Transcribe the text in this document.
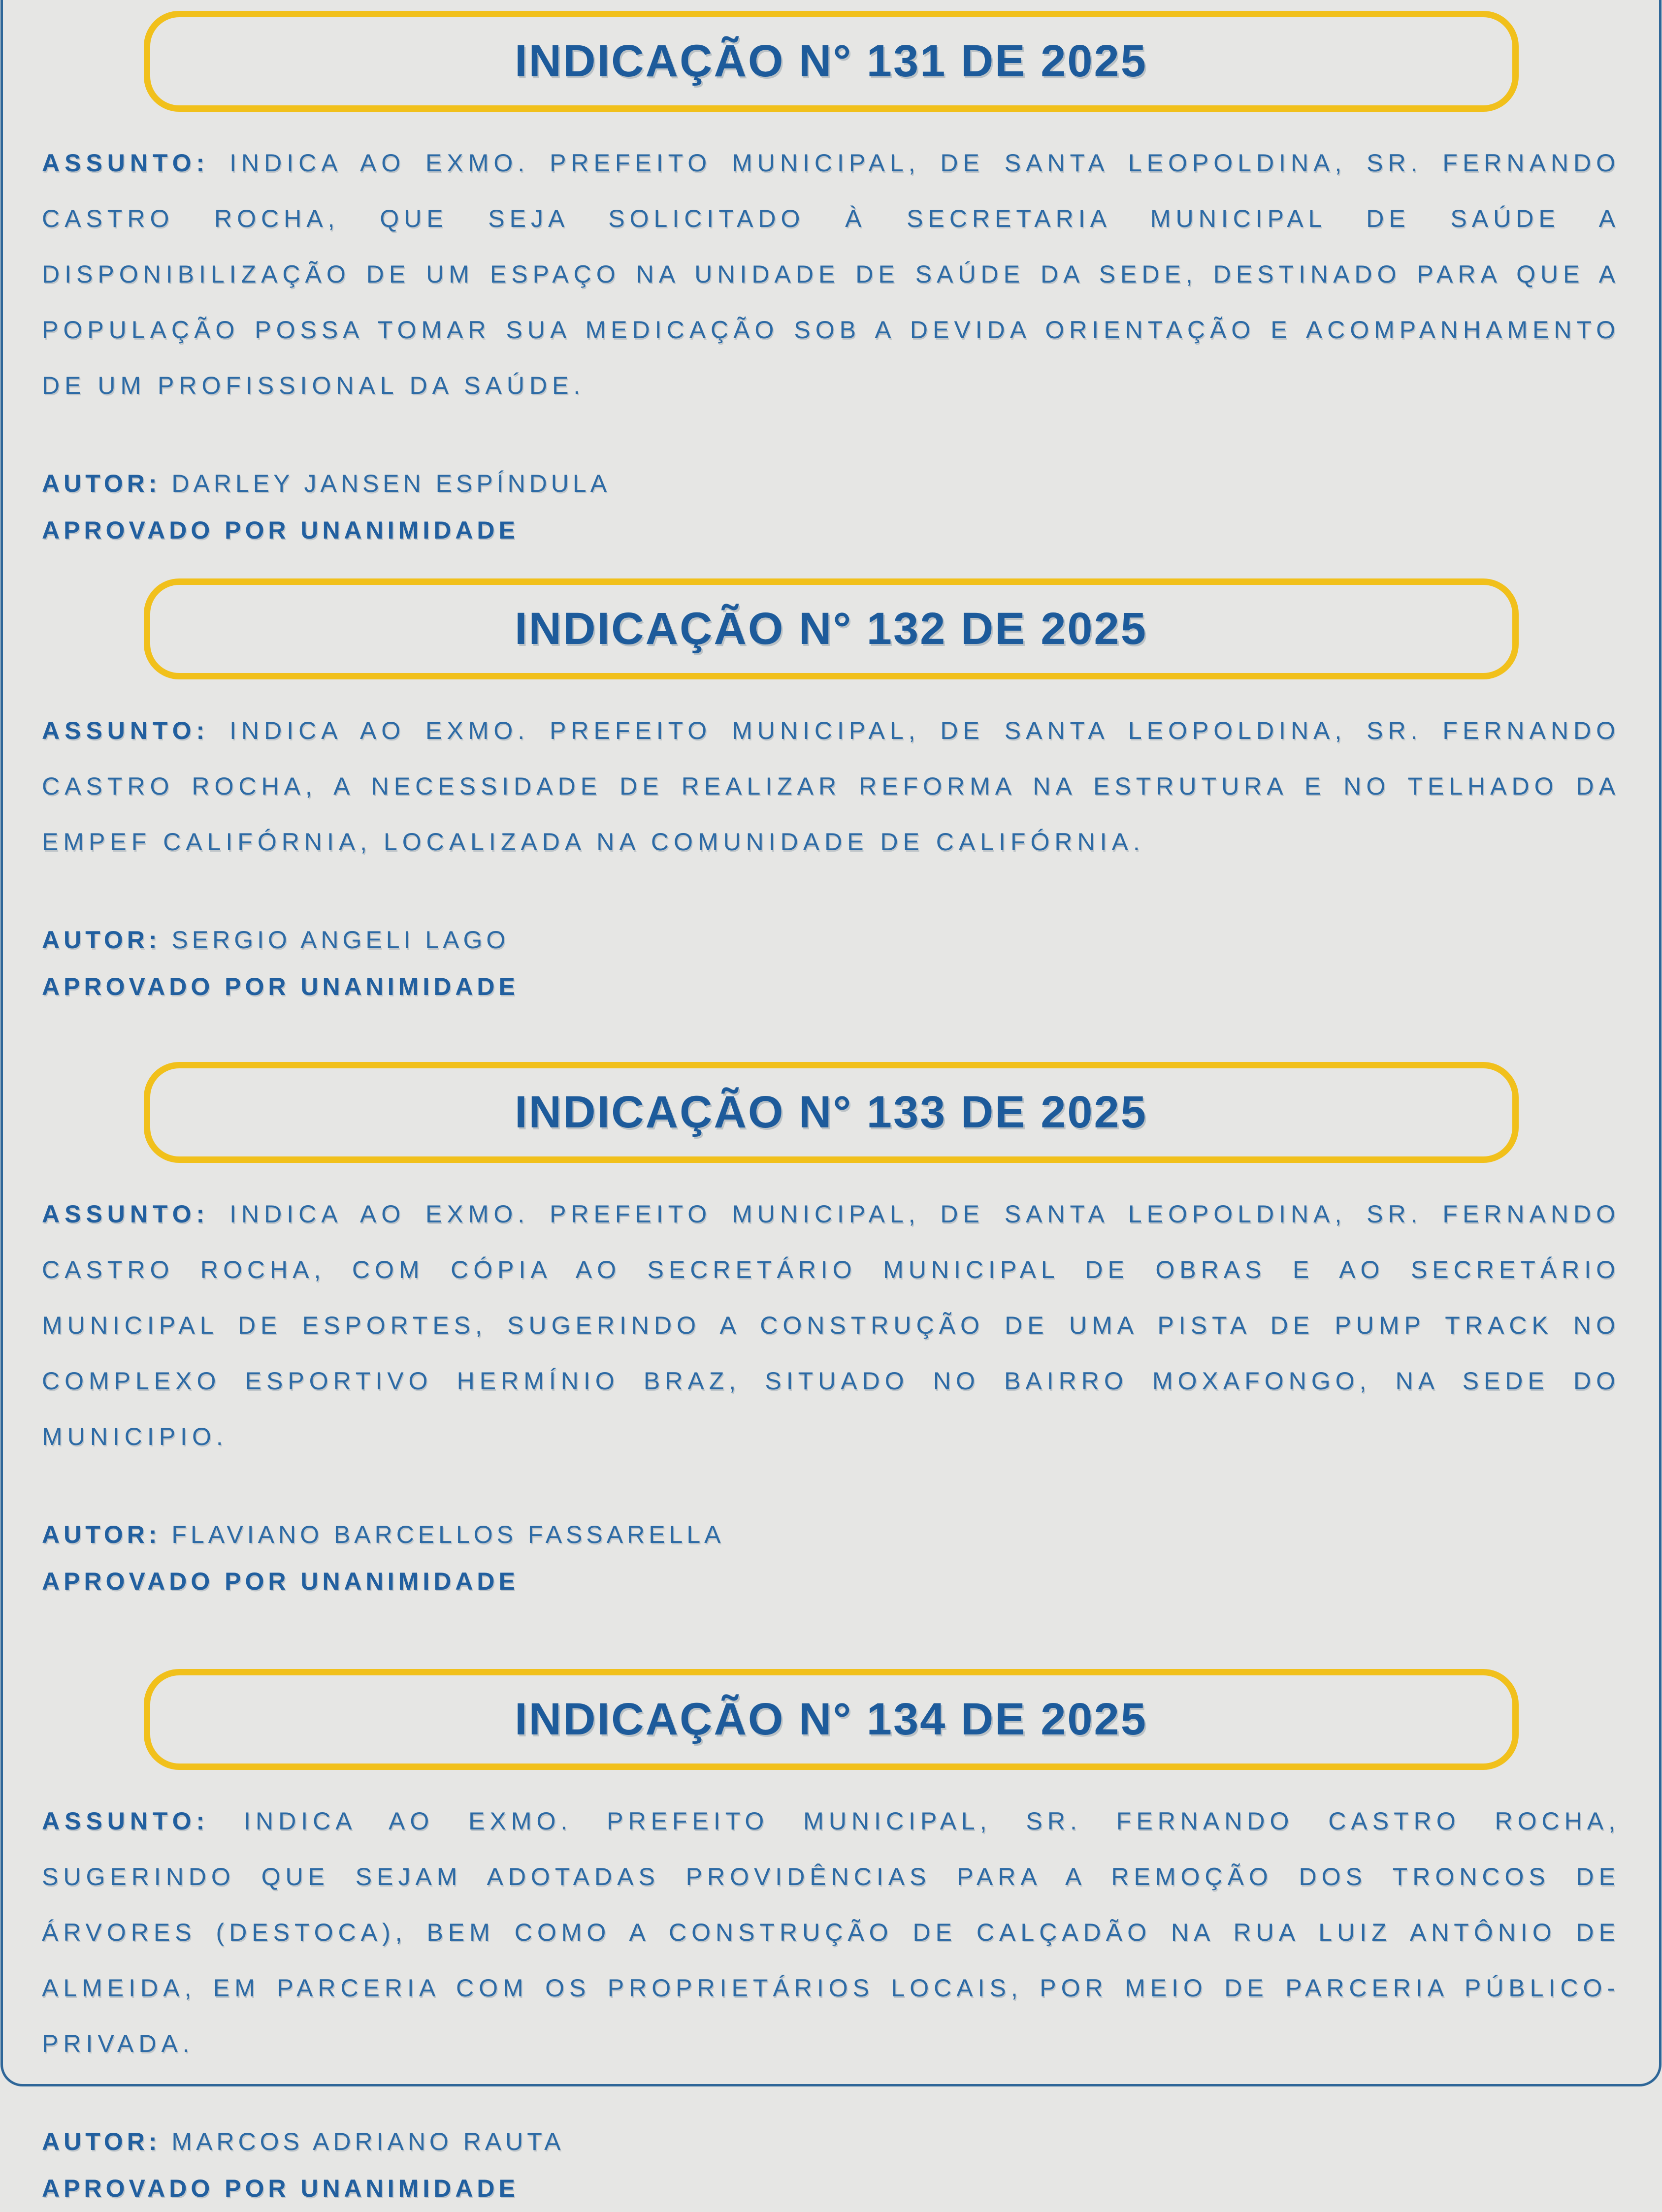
INDICAÇÃO N° 131 DE 2025

ASSUNTO: INDICA AO EXMO. PREFEITO MUNICIPAL, DE SANTA LEOPOLDINA, SR. FERNANDO CASTRO ROCHA, QUE SEJA SOLICITADO À SECRETARIA MUNICIPAL DE SAÚDE A DISPONIBILIZAÇÃO DE UM ESPAÇO NA UNIDADE DE SAÚDE DA SEDE, DESTINADO PARA QUE A POPULAÇÃO POSSA TOMAR SUA MEDICAÇÃO SOB A DEVIDA ORIENTAÇÃO E ACOMPANHAMENTO DE UM PROFISSIONAL DA SAÚDE.

AUTOR: DARLEY JANSEN ESPÍNDULA
APROVADO POR UNANIMIDADE
INDICAÇÃO N° 132 DE 2025

ASSUNTO: INDICA AO EXMO. PREFEITO MUNICIPAL, DE SANTA LEOPOLDINA, SR. FERNANDO CASTRO ROCHA, A NECESSIDADE DE REALIZAR REFORMA NA ESTRUTURA E NO TELHADO DA EMPEF CALIFÓRNIA, LOCALIZADA NA COMUNIDADE DE CALIFÓRNIA.

AUTOR: SERGIO ANGELI LAGO
APROVADO POR UNANIMIDADE
INDICAÇÃO N° 133 DE 2025

ASSUNTO: INDICA AO EXMO. PREFEITO MUNICIPAL, DE SANTA LEOPOLDINA, SR. FERNANDO CASTRO ROCHA, COM CÓPIA AO SECRETÁRIO MUNICIPAL DE OBRAS E AO SECRETÁRIO MUNICIPAL DE ESPORTES, SUGERINDO A CONSTRUÇÃO DE UMA PISTA DE PUMP TRACK NO COMPLEXO ESPORTIVO HERMÍNIO BRAZ, SITUADO NO BAIRRO MOXAFONGO, NA SEDE DO MUNICIPIO.

AUTOR: FLAVIANO BARCELLOS FASSARELLA
APROVADO POR UNANIMIDADE
INDICAÇÃO N° 134 DE 2025

ASSUNTO: INDICA AO EXMO. PREFEITO MUNICIPAL, SR. FERNANDO CASTRO ROCHA, SUGERINDO QUE SEJAM ADOTADAS PROVIDÊNCIAS PARA A REMOÇÃO DOS TRONCOS DE ÁRVORES (DESTOCA), BEM COMO A CONSTRUÇÃO DE CALÇADÃO NA RUA LUIZ ANTÔNIO DE ALMEIDA, EM PARCERIA COM OS PROPRIETÁRIOS LOCAIS, POR MEIO DE PARCERIA PÚBLICO-PRIVADA.

AUTOR: MARCOS ADRIANO RAUTA
APROVADO POR UNANIMIDADE
